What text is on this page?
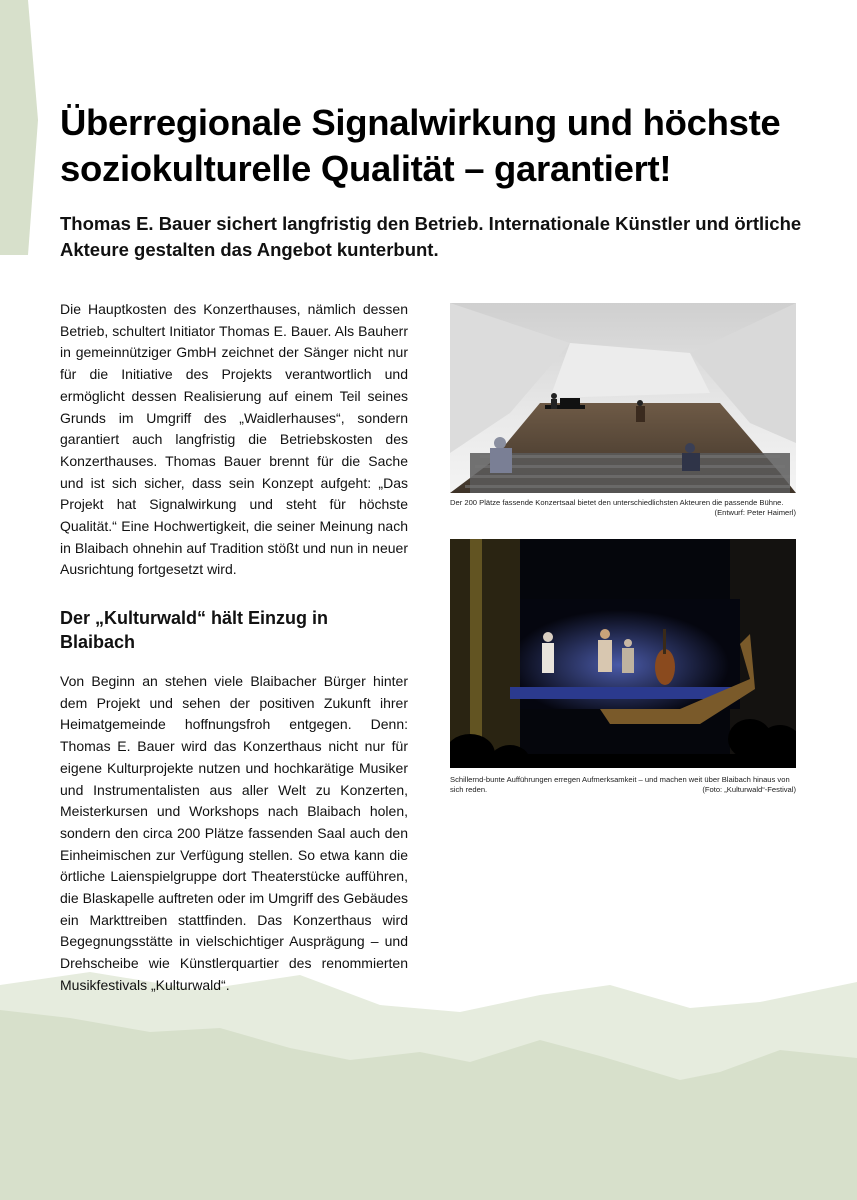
Überregionale Signalwirkung und höchste soziokulturelle Qualität – garantiert!

Thomas E. Bauer sichert langfristig den Betrieb. Internationale Künstler und örtliche Akteure gestalten das Angebot kunterbunt.

Die Hauptkosten des Konzerthauses, nämlich dessen Betrieb, schultert Initiator Thomas E. Bauer. Als Bauherr in gemeinnütziger GmbH zeichnet der Sänger nicht nur für die Initiative des Projekts verantwortlich und ermöglicht dessen Realisierung auf einem Teil seines Grunds im Umgriff des „Waidlerhauses“, sondern garantiert auch langfristig die Betriebskosten des Konzerthauses. Thomas Bauer brennt für die Sache und ist sich sicher, dass sein Konzept aufgeht: „Das Projekt hat Signalwirkung und steht für höchste Qualität.“ Eine Hochwertigkeit, die seiner Meinung nach in Blaibach ohnehin auf Tradition stößt und nun in neuer Ausrichtung fortgesetzt wird.

Der „Kulturwald“ hält Einzug in Blaibach

Von Beginn an stehen viele Blaibacher Bürger hinter dem Projekt und sehen der positiven Zukunft ihrer Heimatgemeinde hoffnungsfroh entgegen. Denn: Thomas E. Bauer wird das Konzerthaus nicht nur für eigene Kulturprojekte nutzen und hochkarätige Musiker und Instrumentalisten aus aller Welt zu Konzerten, Meisterkursen und Workshops nach Blaibach holen, sondern den circa 200 Plätze fassenden Saal auch den Einheimischen zur Verfügung stellen. So etwa kann die örtliche Laienspielgruppe dort Theaterstücke aufführen, die Blaskapelle auftreten oder im Umgriff des Gebäudes ein Markttreiben stattfinden. Das Konzerthaus wird Begegnungsstätte in vielschichtiger Ausprägung – und Drehscheibe wie Künstlerquartier des renommierten Musikfestivals „Kulturwald“.

Der 200 Plätze fassende Konzertsaal bietet den unterschiedlichsten Akteuren die passende Bühne.
(Entwurf: Peter Haimerl)
Schillernd-bunte Aufführungen erregen Aufmerksamkeit – und machen weit über Blaibach hinaus von sich reden.	(Foto: „Kulturwald“-Festival)
